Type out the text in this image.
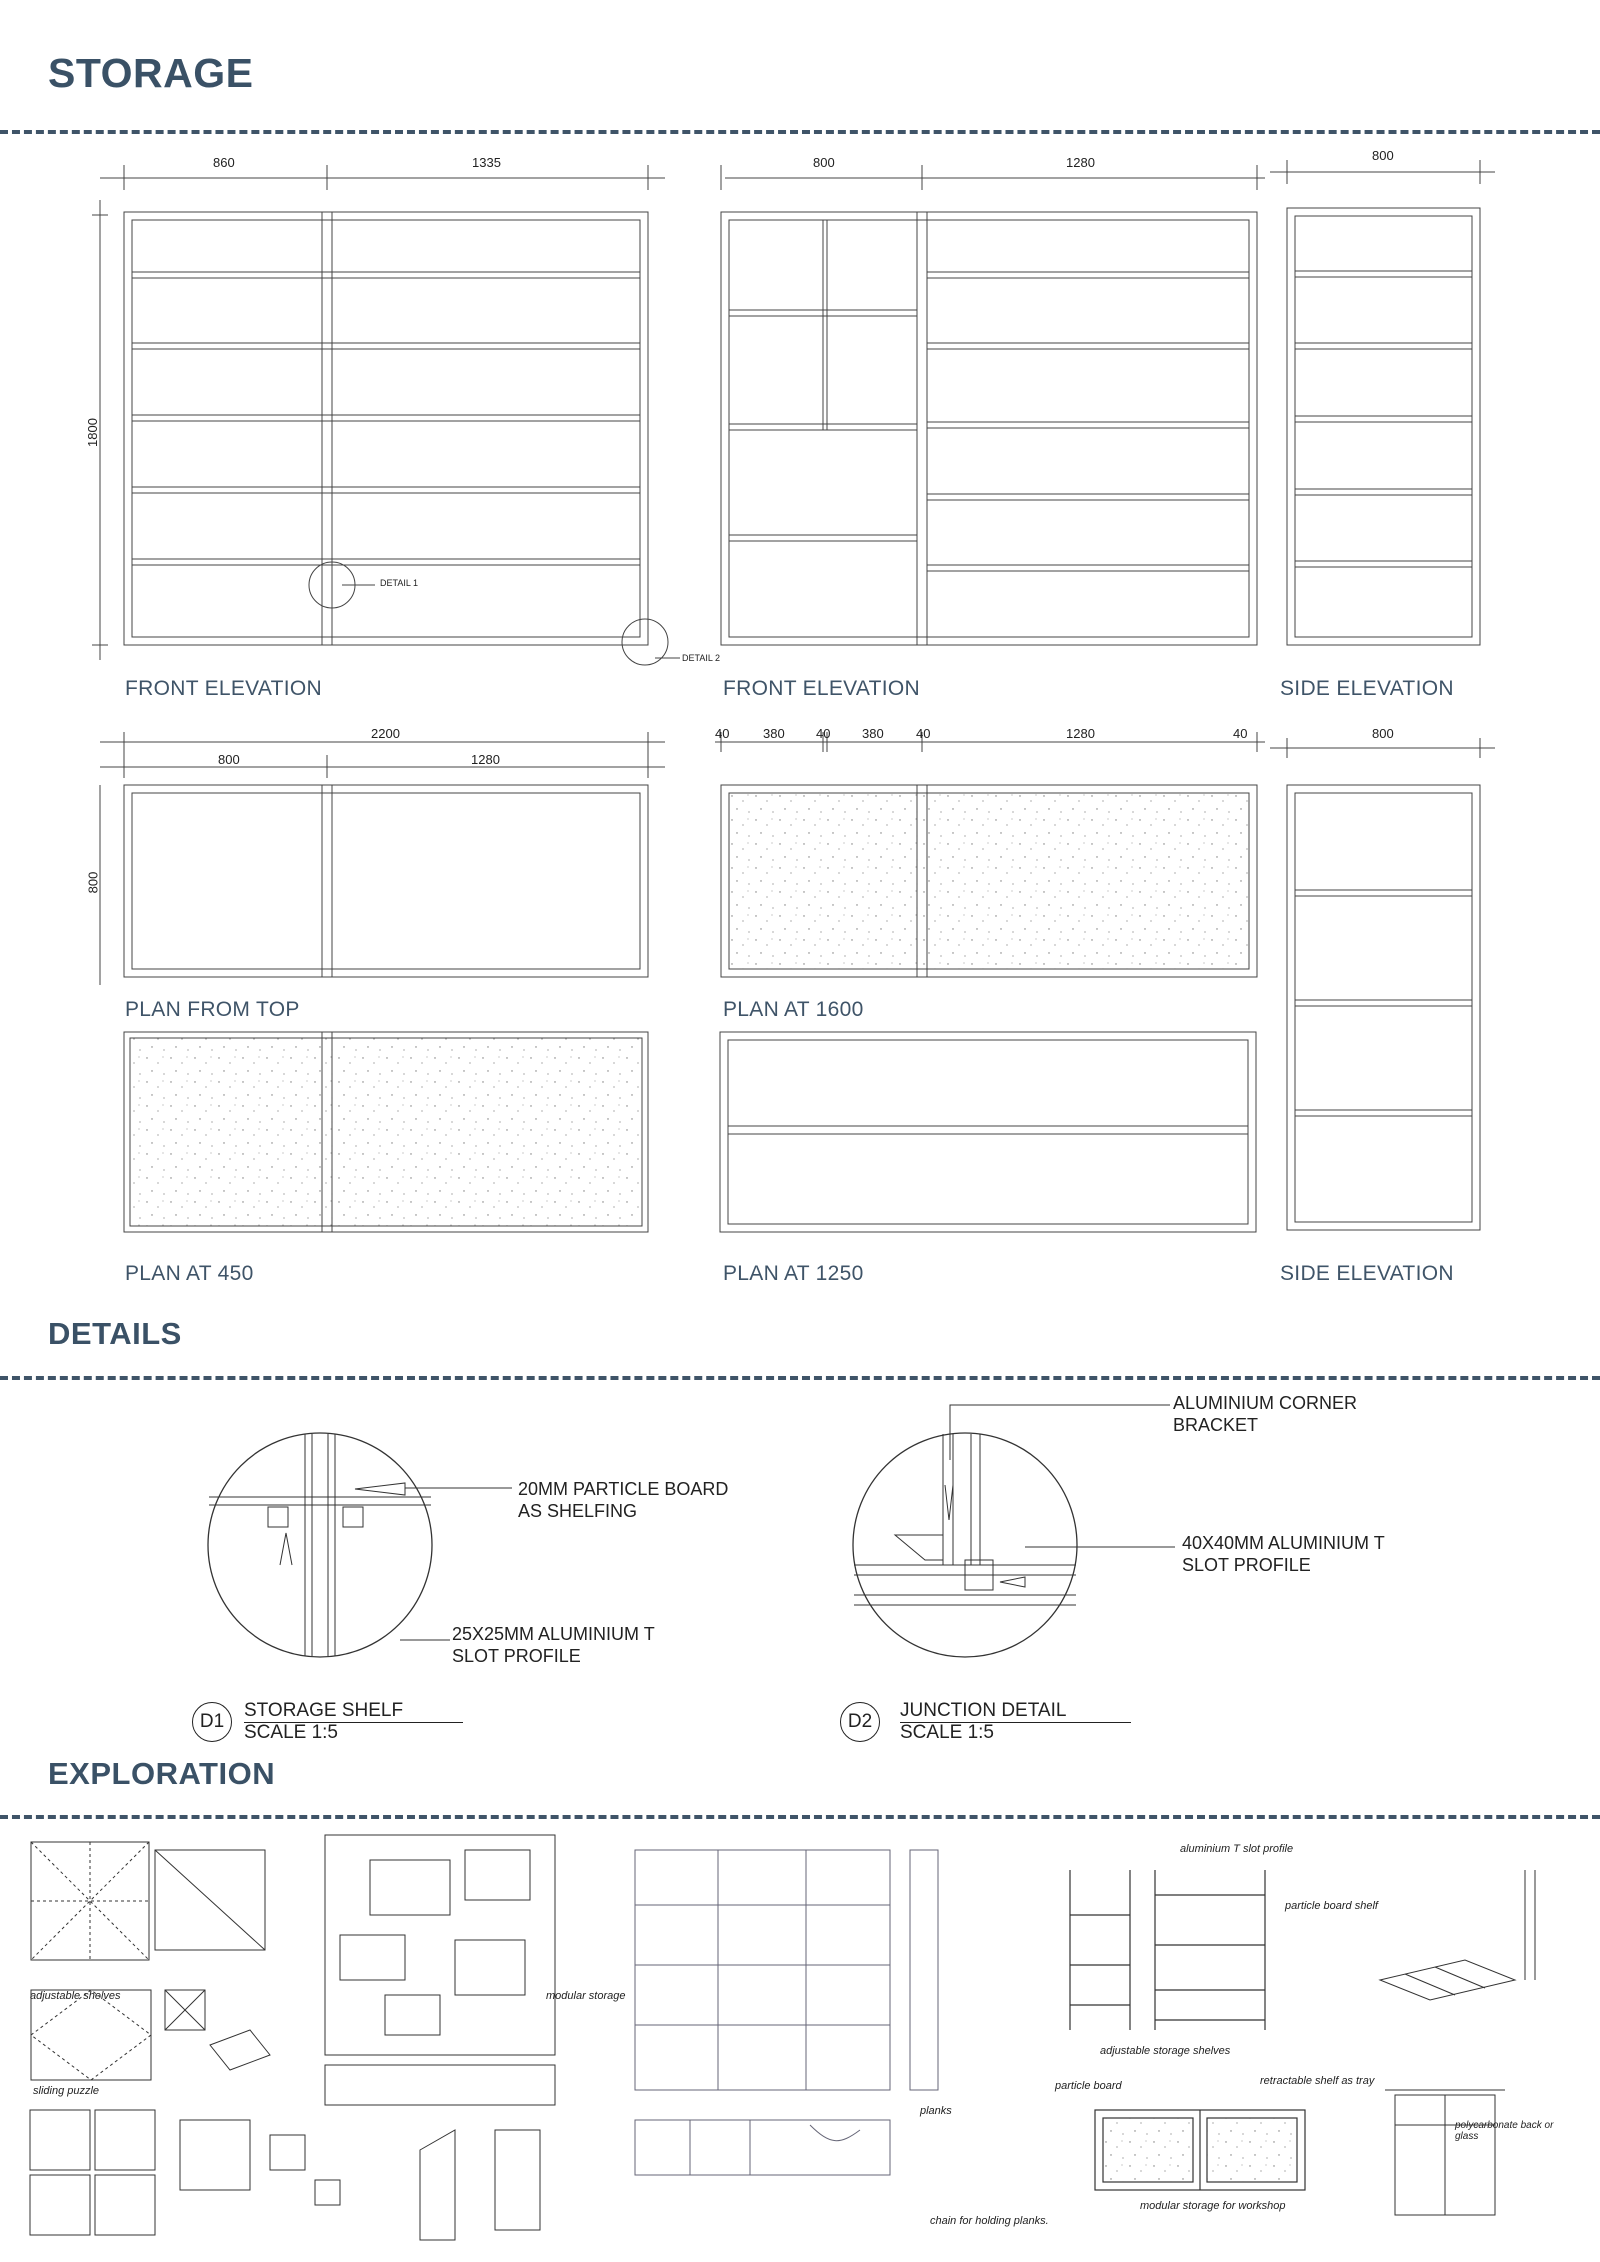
STORAGE
860	1335
1800
DETAIL 1
DETAIL 2
FRONT ELEVATION
800	1280
FRONT ELEVATION
800
SIDE ELEVATION
2200
800	1280
800
PLAN FROM TOP
40	380 40 380 40	1280	40
PLAN AT 1600
800
SIDE ELEVATION
PLAN AT 450	PLAN AT 1250
DETAILS
20MM PARTICLE BOARD
AS SHELFING
25X25MM ALUMINIUM T
SLOT PROFILE
D1
STORAGE SHELF
SCALE 1:5
ALUMINIUM CORNER
BRACKET
40X40MM ALUMINIUM T
SLOT PROFILE
D2
JUNCTION DETAIL
SCALE 1:5
EXPLORATION
sliding puzzle
modular storage
adjustable shelves
planks
chain for holding planks.
aluminium T slot profile
particle board shelf
adjustable storage shelves
particle board	retractable shelf as tray
modular storage for workshop
polycarbonate back or glass
